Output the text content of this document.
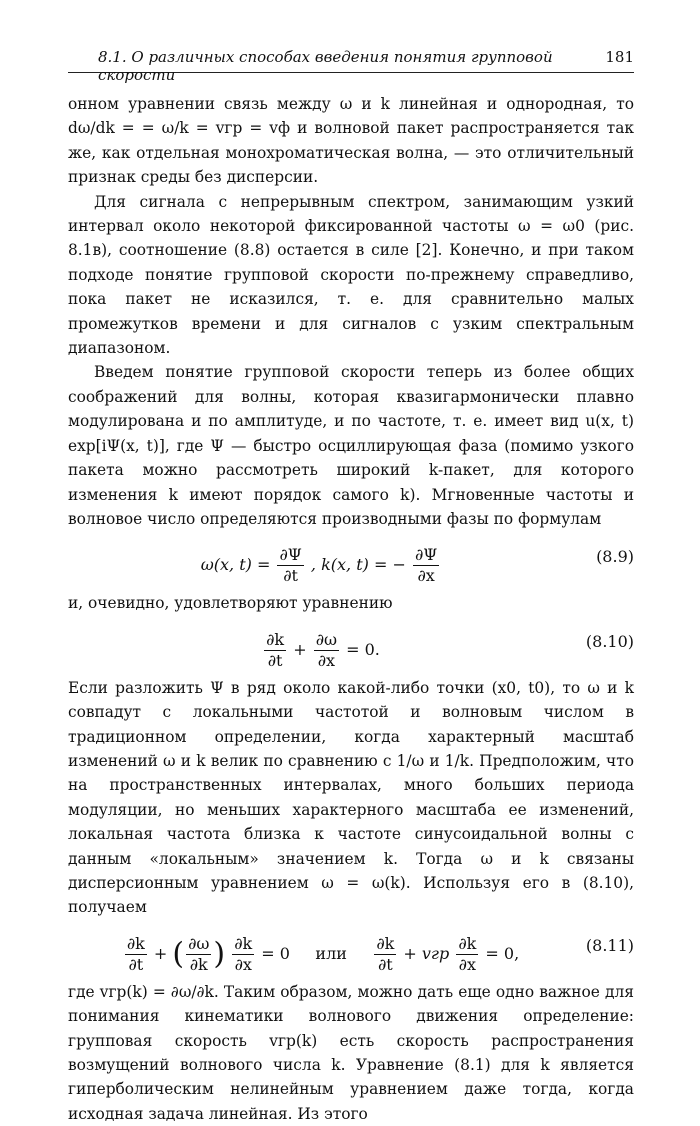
8.1. О различных способах введения понятия групповой скорости
181

онном уравнении связь между ω и k линейная и однородная, то dω/dk = = ω/k = vгр = vф и волновой пакет распространяется так же, как отдельная монохроматическая волна, — это отличительный признак среды без дисперсии.

Для сигнала с непрерывным спектром, занимающим узкий интервал около некоторой фиксированной частоты ω = ω0 (рис. 8.1в), соотношение (8.8) остается в силе [2]. Конечно, и при таком подходе понятие групповой скорости по-прежнему справедливо, пока пакет не исказился, т. е. для сравнительно малых промежутков времени и для сигналов с узким спектральным диапазоном.

Введем понятие групповой скорости теперь из более общих соображений для волны, которая квазигармонически плавно модулирована и по амплитуде, и по частоте, т. е. имеет вид u(x, t) exp[iΨ(x, t)], где Ψ — быстро осциллирующая фаза (помимо узкого пакета можно рассмотреть широкий k-пакет, для которого изменения k имеют порядок самого k). Мгновенные частоты и волновое число определяются производными фазы по формулам

ω(x, $t) = \frac{\partial\Psi}{\partial t}$ , k(x, t) = − $\frac{\partial\Psi}{\partial x}$	(8.9)

и, очевидно, удовлетворяют уравнению

$\frac{\partial k}{\partial t} + \frac{\partial\omega}{\partial x} = 0$.	(8.10)

Если разложить Ψ в ряд около какой-либо точки (x0, t0), то ω и k совпадут с локальными частотой и волновым числом в традиционном определении, когда характерный масштаб изменений ω и k велик по сравнению с 1/ω и 1/k. Предположим, что на пространственных интервалах, много больших периода модуляции, но меньших характерного масштаба ее изменений, локальная частота близка к частоте синусоидальной волны с данным «локальным» значением k. Тогда ω и k связаны дисперсионным уравнением ω = ω(k). Используя его в (8.10), получаем

$\frac{\partial k}{\partial t}$ + ( $\frac{\partial\omega}{\partial k}$ ) $\frac{\partial k}{\partial x} = 0$     или $\frac{\partial k}{\partial t}$ + vгр $\frac{\partial k}{\partial x} = 0$,	(8.11)

где vгр(k) = ∂ω/∂k. Таким образом, можно дать еще одно важное для понимания кинематики волнового движения определение: групповая скорость vгр(k) есть скорость распространения возмущений волнового числа k. Уравнение (8.1) для k является гиперболическим нелинейным уравнением даже тогда, когда исходная задача линейная. Из этого
